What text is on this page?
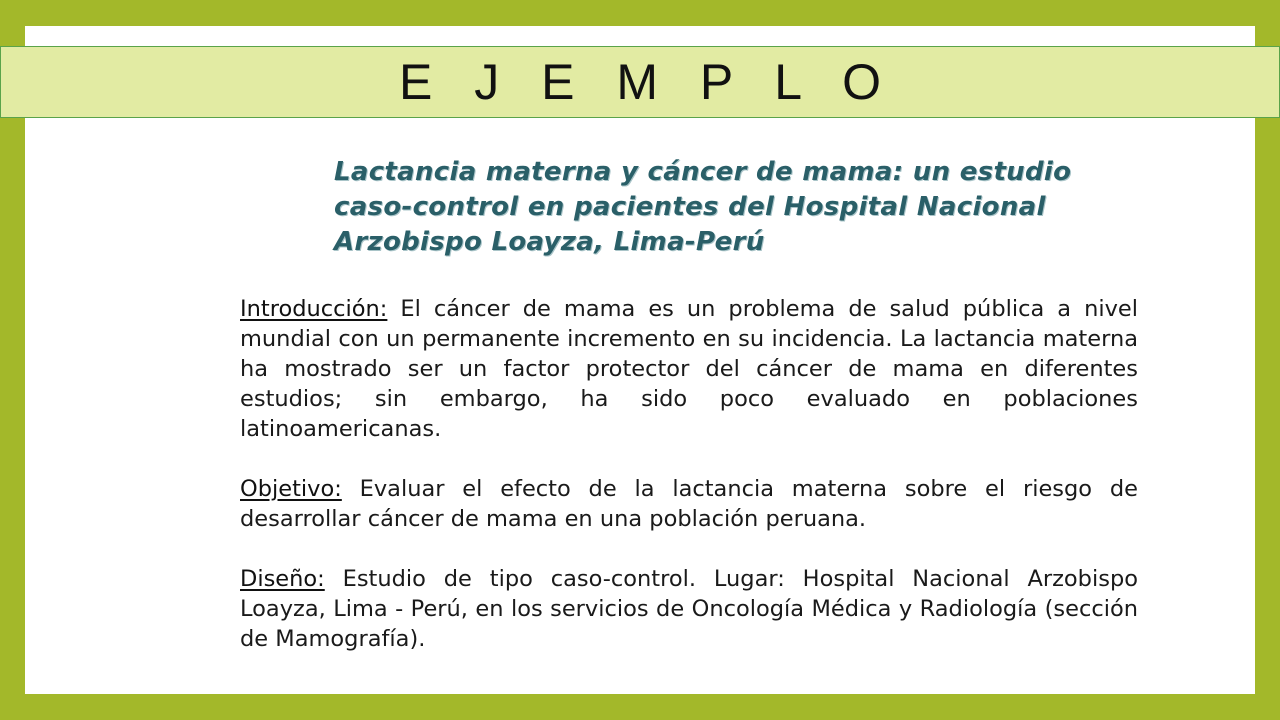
E J E M P L O
Lactancia materna y cáncer de mama: un estudio
caso-control en pacientes del Hospital Nacional
Arzobispo Loayza, Lima-Perú

Introducción: El cáncer de mama es un problema de salud pública a nivel mundial con un permanente incremento en su incidencia. La lactancia materna ha mostrado ser un factor protector del cáncer de mama en diferentes estudios; sin embargo, ha sido poco evaluado en poblaciones latinoamericanas.

Objetivo: Evaluar el efecto de la lactancia materna sobre el riesgo de desarrollar cáncer de mama en una población peruana.

Diseño: Estudio de tipo caso-control. Lugar: Hospital Nacional Arzobispo Loayza, Lima - Perú, en los servicios de Oncología Médica y Radiología (sección de Mamografía).
